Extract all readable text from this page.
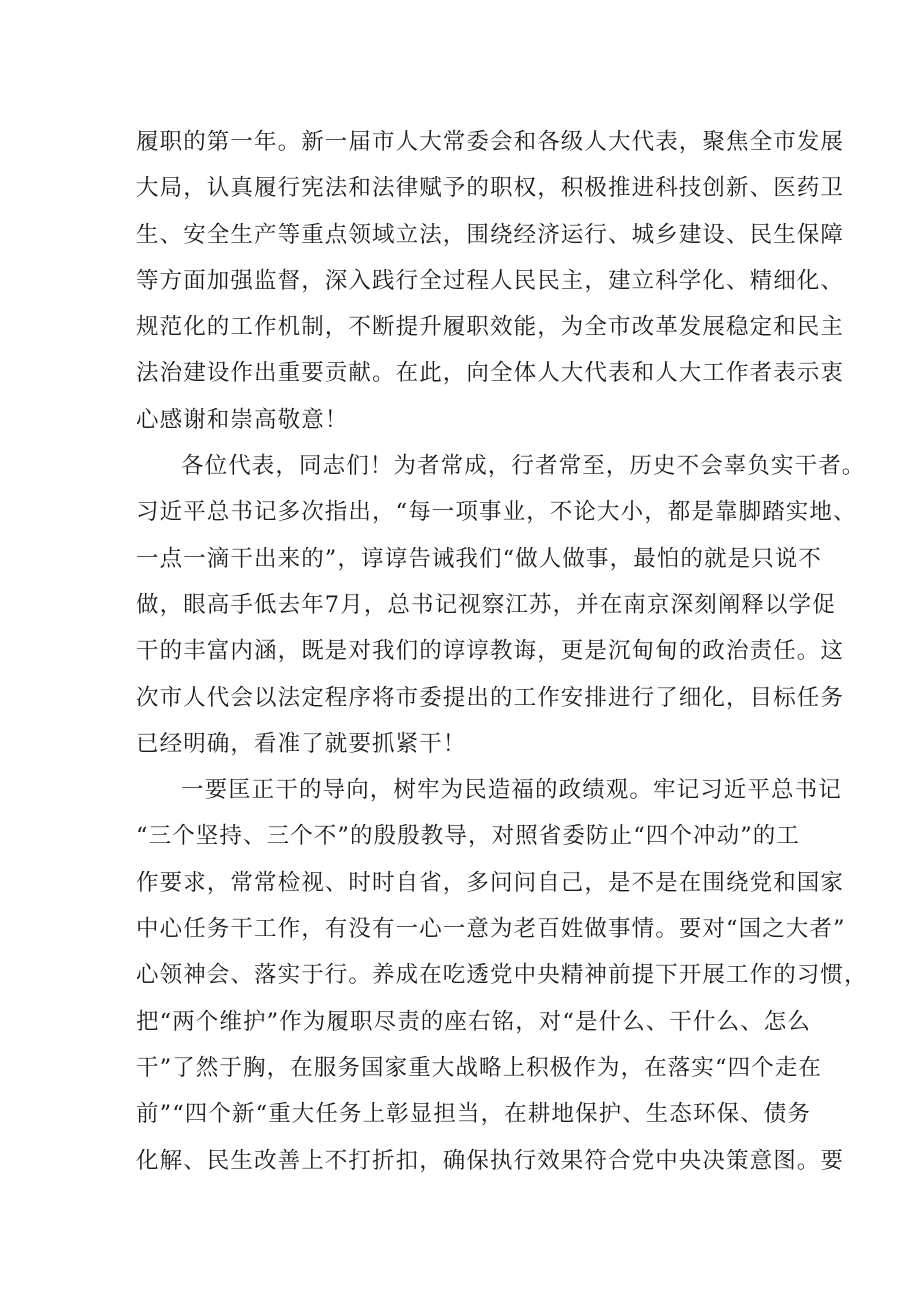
履职的第一年。新一届市人大常委会和各级人大代表，聚焦全市发展
大局，认真履行宪法和法律赋予的职权，积极推进科技创新、医药卫
生、安全生产等重点领域立法，围绕经济运行、城乡建设、民生保障
等方面加强监督，深入践行全过程人民民主，建立科学化、精细化、
规范化的工作机制，不断提升履职效能，为全市改革发展稳定和民主
法治建设作出重要贡献。在此，向全体人大代表和人大工作者表示衷
心感谢和崇高敬意！
各位代表，同志们！为者常成，行者常至，历史不会辜负实干者。
习近平总书记多次指出，“每一项事业，不论大小，都是靠脚踏实地、
一点一滴干出来的”，谆谆告诫我们“做人做事，最怕的就是只说不
做，眼高手低去年7月，总书记视察江苏，并在南京深刻阐释以学促
干的丰富内涵，既是对我们的谆谆教诲，更是沉甸甸的政治责任。这
次市人代会以法定程序将市委提出的工作安排进行了细化，目标任务
已经明确，看准了就要抓紧干！
一要匡正干的导向，树牢为民造福的政绩观。牢记习近平总书记
“三个坚持、三个不”的殷殷教导，对照省委防止“四个冲动”的工
作要求，常常检视、时时自省，多问问自己，是不是在围绕党和国家
中心任务干工作，有没有一心一意为老百姓做事情。要对“国之大者”
心领神会、落实于行。养成在吃透党中央精神前提下开展工作的习惯，
把“两个维护”作为履职尽责的座右铭，对“是什么、干什么、怎么
干”了然于胸，在服务国家重大战略上积极作为，在落实“四个走在
前”“四个新“重大任务上彰显担当，在耕地保护、生态环保、债务
化解、民生改善上不打折扣，确保执行效果符合党中央决策意图。要
